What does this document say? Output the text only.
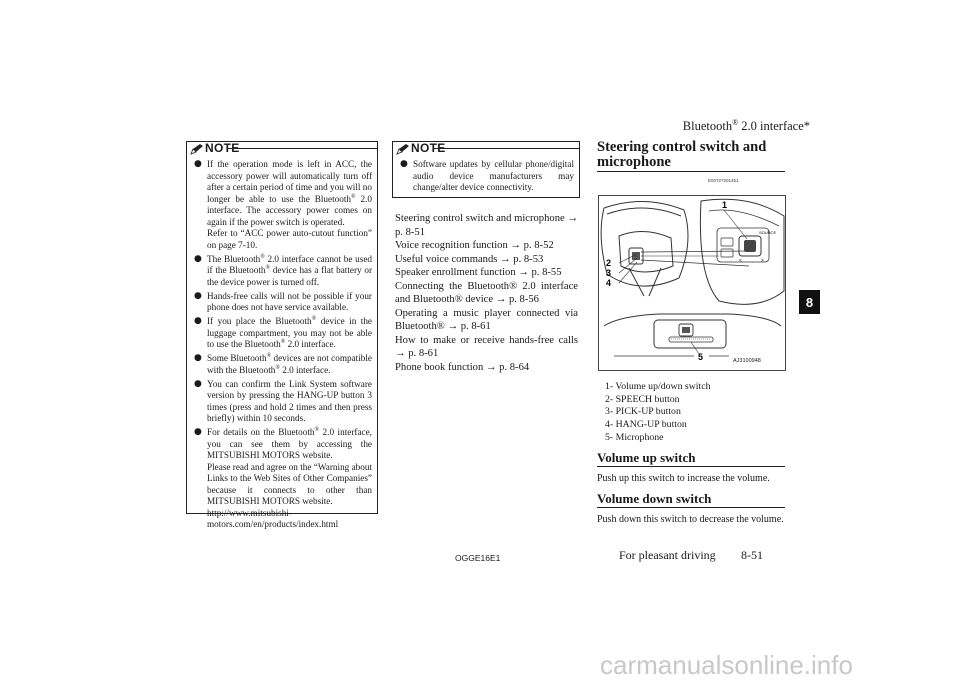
Bluetooth® 2.0 interface*
8
NOTE
● If the operation mode is left in ACC, the accessory power will automatically turn off after a certain period of time and you will no longer be able to use the Bluetooth® 2.0 interface. The accessory power comes on again if the power switch is operated.
Refer to “ACC power auto-cutout function” on page 7-10.
● The Bluetooth® 2.0 interface cannot be used if the Bluetooth® device has a flat battery or the device power is turned off.
● Hands-free calls will not be possible if your phone does not have service available.
● If you place the Bluetooth® device in the luggage compartment, you may not be able to use the Bluetooth® 2.0 interface.
● Some Bluetooth® devices are not compatible with the Bluetooth® 2.0 interface.
● You can confirm the Link System software version by pressing the HANG-UP button 3 times (press and hold 2 times and then press briefly) within 10 seconds.
● For details on the Bluetooth® 2.0 interface, you can see them by accessing the MITSUBISHI MOTORS website.
Please read and agree on the “Warning about Links to the Web Sites of Other Companies” because it connects to other than MITSUBISHI MOTORS website.
http://www.mitsubishi-motors.com/en/products/index.html
NOTE
● Software updates by cellular phone/digital audio device manufacturers may change/alter device connectivity.
Steering control switch and microphone → p. 8-51
Voice recognition function → p. 8-52
Useful voice commands → p. 8-53
Speaker enrollment function → p. 8-55
Connecting the Bluetooth® 2.0 interface and Bluetooth® device → p. 8-56
Operating a music player connected via Bluetooth® → p. 8-61
How to make or receive hands-free calls → p. 8-61
Phone book function → p. 8-64
Steering control switch and microphone
E00727201451
SOURCE
<	>
1
2
3
4
5	AJ3100948
1- Volume up/down switch
2- SPEECH button
3- PICK-UP button
4- HANG-UP button
5- Microphone
Volume up switch
Push up this switch to increase the volume.
Volume down switch
Push down this switch to decrease the volume.
OGGE16E1	For pleasant driving 8-51
carmanualsonline.info
